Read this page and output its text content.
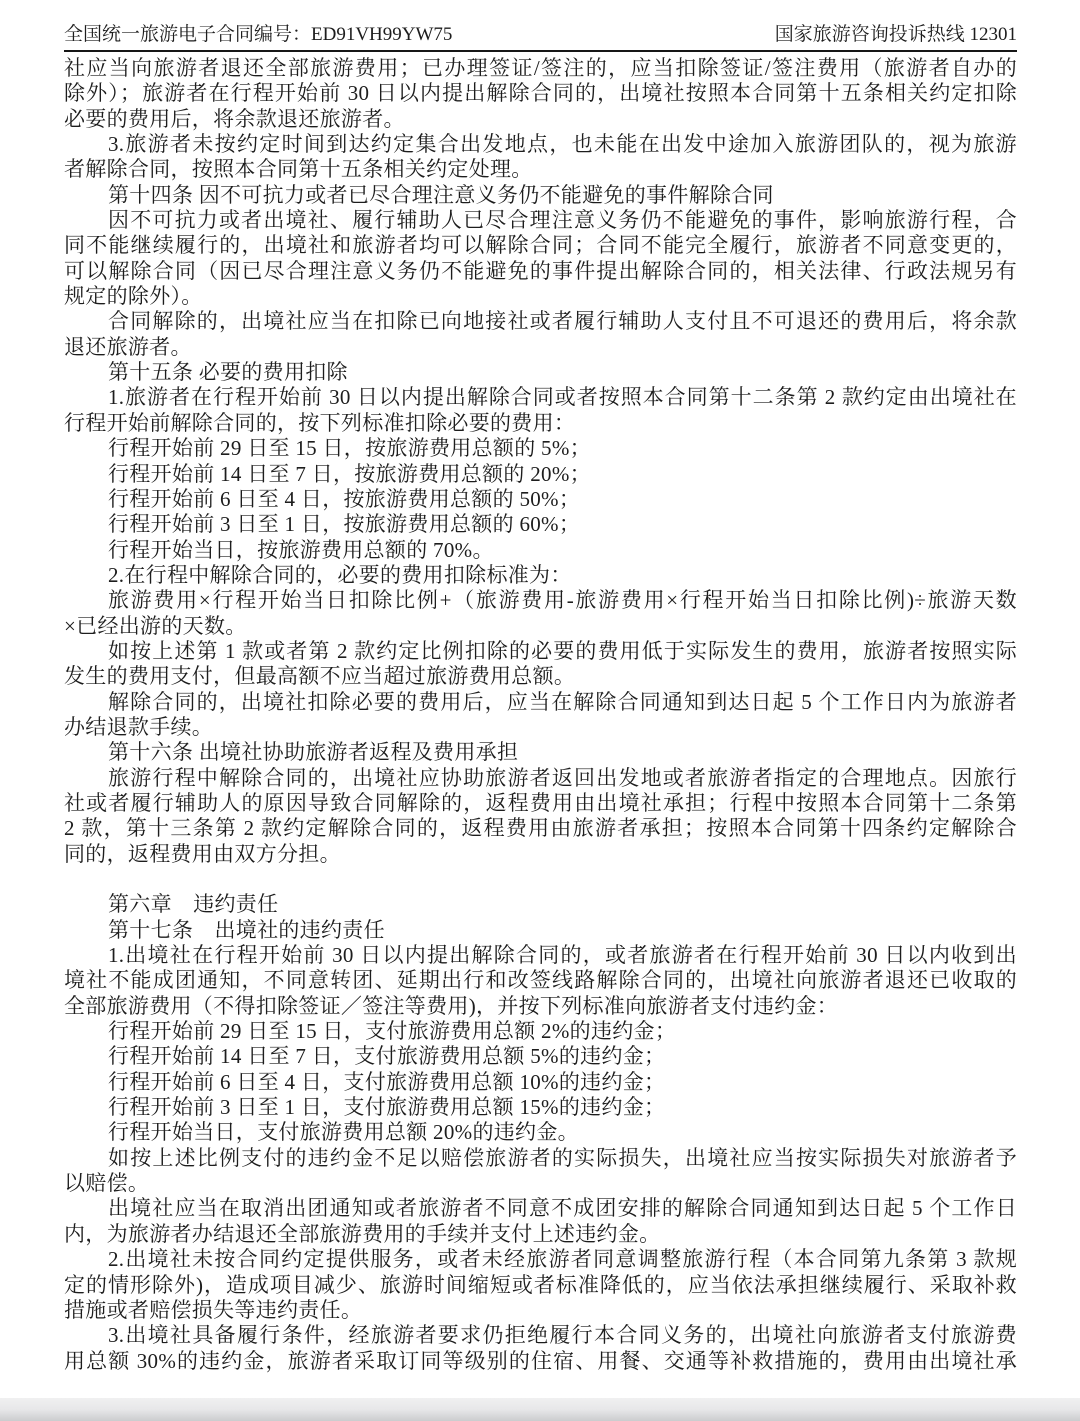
全国统一旅游电子合同编号：ED91VH99YW75	国家旅游咨询投诉热线 12301
社应当向旅游者退还全部旅游费用；已办理签证/签注的，应当扣除签证/签注费用（旅游者自办的
除外）；旅游者在行程开始前 30 日以内提出解除合同的，出境社按照本合同第十五条相关约定扣除
必要的费用后，将余款退还旅游者。
3.旅游者未按约定时间到达约定集合出发地点，也未能在出发中途加入旅游团队的，视为旅游
者解除合同，按照本合同第十五条相关约定处理。
第十四条 因不可抗力或者已尽合理注意义务仍不能避免的事件解除合同
因不可抗力或者出境社、履行辅助人已尽合理注意义务仍不能避免的事件，影响旅游行程，合
同不能继续履行的，出境社和旅游者均可以解除合同；合同不能完全履行，旅游者不同意变更的，
可以解除合同（因已尽合理注意义务仍不能避免的事件提出解除合同的，相关法律、行政法规另有
规定的除外）。
合同解除的，出境社应当在扣除已向地接社或者履行辅助人支付且不可退还的费用后，将余款
退还旅游者。
第十五条 必要的费用扣除
1.旅游者在行程开始前 30 日以内提出解除合同或者按照本合同第十二条第 2 款约定由出境社在
行程开始前解除合同的，按下列标准扣除必要的费用：
行程开始前 29 日至 15 日，按旅游费用总额的 5%；
行程开始前 14 日至 7 日，按旅游费用总额的 20%；
行程开始前 6 日至 4 日，按旅游费用总额的 50%；
行程开始前 3 日至 1 日，按旅游费用总额的 60%；
行程开始当日，按旅游费用总额的 70%。
2.在行程中解除合同的，必要的费用扣除标准为：
旅游费用×行程开始当日扣除比例+（旅游费用-旅游费用×行程开始当日扣除比例)÷旅游天数
×已经出游的天数。
如按上述第 1 款或者第 2 款约定比例扣除的必要的费用低于实际发生的费用，旅游者按照实际
发生的费用支付，但最高额不应当超过旅游费用总额。
解除合同的，出境社扣除必要的费用后，应当在解除合同通知到达日起 5 个工作日内为旅游者
办结退款手续。
第十六条 出境社协助旅游者返程及费用承担
旅游行程中解除合同的，出境社应协助旅游者返回出发地或者旅游者指定的合理地点。因旅行
社或者履行辅助人的原因导致合同解除的，返程费用由出境社承担；行程中按照本合同第十二条第
2 款，第十三条第 2 款约定解除合同的，返程费用由旅游者承担；按照本合同第十四条约定解除合
同的，返程费用由双方分担。
第六章　违约责任
第十七条　出境社的违约责任
1.出境社在行程开始前 30 日以内提出解除合同的，或者旅游者在行程开始前 30 日以内收到出
境社不能成团通知，不同意转团、延期出行和改签线路解除合同的，出境社向旅游者退还已收取的
全部旅游费用（不得扣除签证／签注等费用)，并按下列标准向旅游者支付违约金：
行程开始前 29 日至 15 日，支付旅游费用总额 2%的违约金；
行程开始前 14 日至 7 日，支付旅游费用总额 5%的违约金；
行程开始前 6 日至 4 日，支付旅游费用总额 10%的违约金；
行程开始前 3 日至 1 日，支付旅游费用总额 15%的违约金；
行程开始当日，支付旅游费用总额 20%的违约金。
如按上述比例支付的违约金不足以赔偿旅游者的实际损失，出境社应当按实际损失对旅游者予
以赔偿。
出境社应当在取消出团通知或者旅游者不同意不成团安排的解除合同通知到达日起 5 个工作日
内，为旅游者办结退还全部旅游费用的手续并支付上述违约金。
2.出境社未按合同约定提供服务，或者未经旅游者同意调整旅游行程（本合同第九条第 3 款规
定的情形除外)，造成项目减少、旅游时间缩短或者标准降低的，应当依法承担继续履行、采取补救
措施或者赔偿损失等违约责任。
3.出境社具备履行条件，经旅游者要求仍拒绝履行本合同义务的，出境社向旅游者支付旅游费
用总额 30%的违约金，旅游者采取订同等级别的住宿、用餐、交通等补救措施的，费用由出境社承
